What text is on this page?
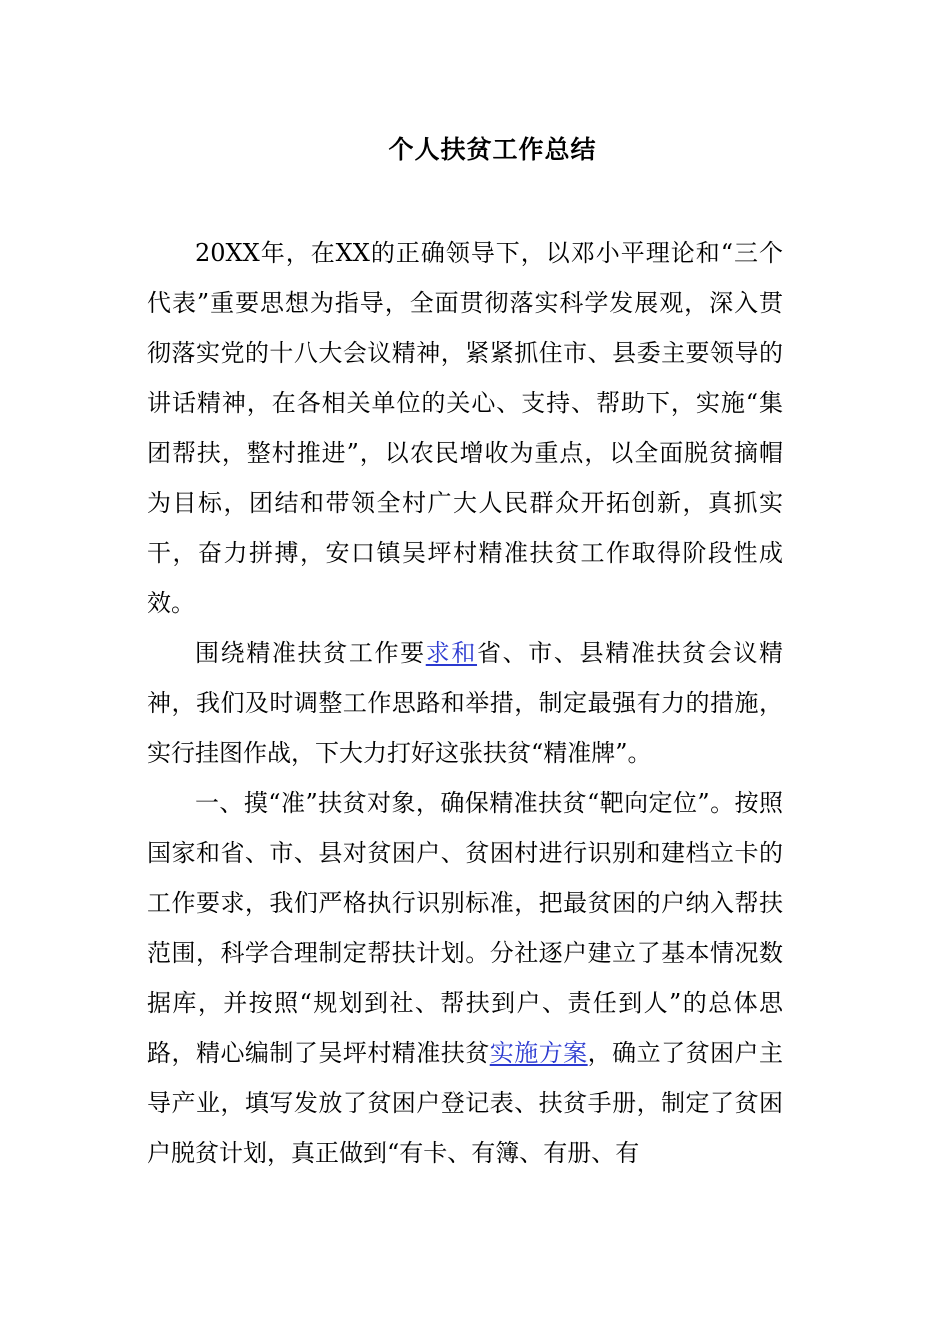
个人扶贫工作总结

20XX年，在XX的正确领导下，以邓小平理论和“三个代表”重要思想为指导，全面贯彻落实科学发展观，深入贯彻落实党的十八大会议精神，紧紧抓住市、县委主要领导的讲话精神，在各相关单位的关心、支持、帮助下，实施“集团帮扶，整村推进”，以农民增收为重点，以全面脱贫摘帽为目标，团结和带领全村广大人民群众开拓创新，真抓实干，奋力拼搏，安口镇吴坪村精准扶贫工作取得阶段性成效。

围绕精准扶贫工作要求和省、市、县精准扶贫会议精神，我们及时调整工作思路和举措，制定最强有力的措施，实行挂图作战，下大力打好这张扶贫“精准牌”。

一、摸“准”扶贫对象，确保精准扶贫“靶向定位”。按照国家和省、市、县对贫困户、贫困村进行识别和建档立卡的工作要求，我们严格执行识别标准，把最贫困的户纳入帮扶范围，科学合理制定帮扶计划。分社逐户建立了基本情况数据库，并按照“规划到社、帮扶到户、责任到人”的总体思路，精心编制了吴坪村精准扶贫实施方案，确立了贫困户主导产业，填写发放了贫困户登记表、扶贫手册，制定了贫困户脱贫计划，真正做到“有卡、有簿、有册、有
